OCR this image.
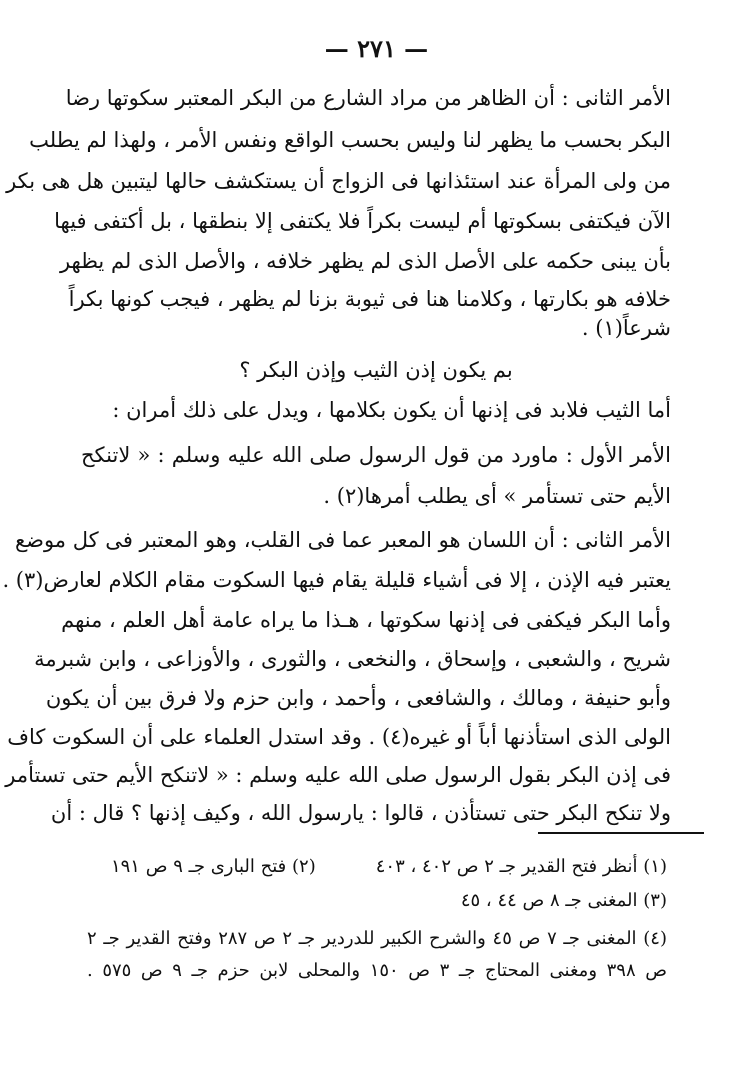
— ٢٧١ —
الأمر الثانى : أن الظاهر من مراد الشارع من البكر المعتبر سكوتها رضا
البكر بحسب ما يظهر لنا وليس بحسب الواقع ونفس الأمر ، ولهذا لم يطلب
من ولى المرأة عند استئذانها فى الزواج أن يستكشف حالها ليتبين هل هى بكر
الآن فيكتفى بسكوتها أم ليست بكراً فلا يكتفى إلا بنطقها ، بل أكتفى فيها
بأن يبنى حكمه على الأصل الذى لم يظهر خلافه ، والأصل الذى لم يظهر
خلافه هو بكارتها ، وكلامنا هنا فى ثيوبة بزنا لم يظهر ، فيجب كونها بكراً
شرعاً(١) .
بم يكون إذن الثيب وإذن البكر ؟
أما الثيب فلابد فى إذنها أن يكون بكلامها ، ويدل على ذلك أمران :
الأمر الأول : ماورد من قول الرسول صلى الله عليه وسلم : « لاتنكح
الأيم حتى تستأمر » أى يطلب أمرها(٢) .
الأمر الثانى : أن اللسان هو المعبر عما فى القلب، وهو المعتبر فى كل موضع
يعتبر فيه الإذن ، إلا فى أشياء قليلة يقام فيها السكوت مقام الكلام لعارض(٣) .
وأما البكر فيكفى فى إذنها سكوتها ، هـذا ما يراه عامة أهل العلم ، منهم
شريح ، والشعبى ، وإسحاق ، والنخعى ، والثورى ، والأوزاعى ، وابن شبرمة
وأبو حنيفة ، ومالك ، والشافعى ، وأحمد ، وابن حزم ولا فرق بين أن يكون
الولى الذى استأذنها أباً أو غيره(٤) . وقد استدل العلماء على أن السكوت كاف
فى إذن البكر بقول الرسول صلى الله عليه وسلم : « لاتنكح الأيم حتى تستأمر
ولا تنكح البكر حتى تستأذن ، قالوا : يارسول الله ، وكيف إذنها ؟ قال : أن
(١) أنظر فتح القدير جـ ٢ ص ٤٠٢ ، ٤٠٣(٢) فتح البارى جـ ٩ ص ١٩١
(٣) المغنى جـ ٨ ص ٤٤ ، ٤٥
(٤) المغنى جـ ٧ ص ٤٥ والشرح الكبير للدردير جـ ٢ ص ٢٨٧ وفتح القدير جـ ٢
ص ٣٩٨ ومغنى المحتاج جـ ٣ ص ١٥٠ والمحلى لابن حزم جـ ٩ ص ٥٧٥ .
